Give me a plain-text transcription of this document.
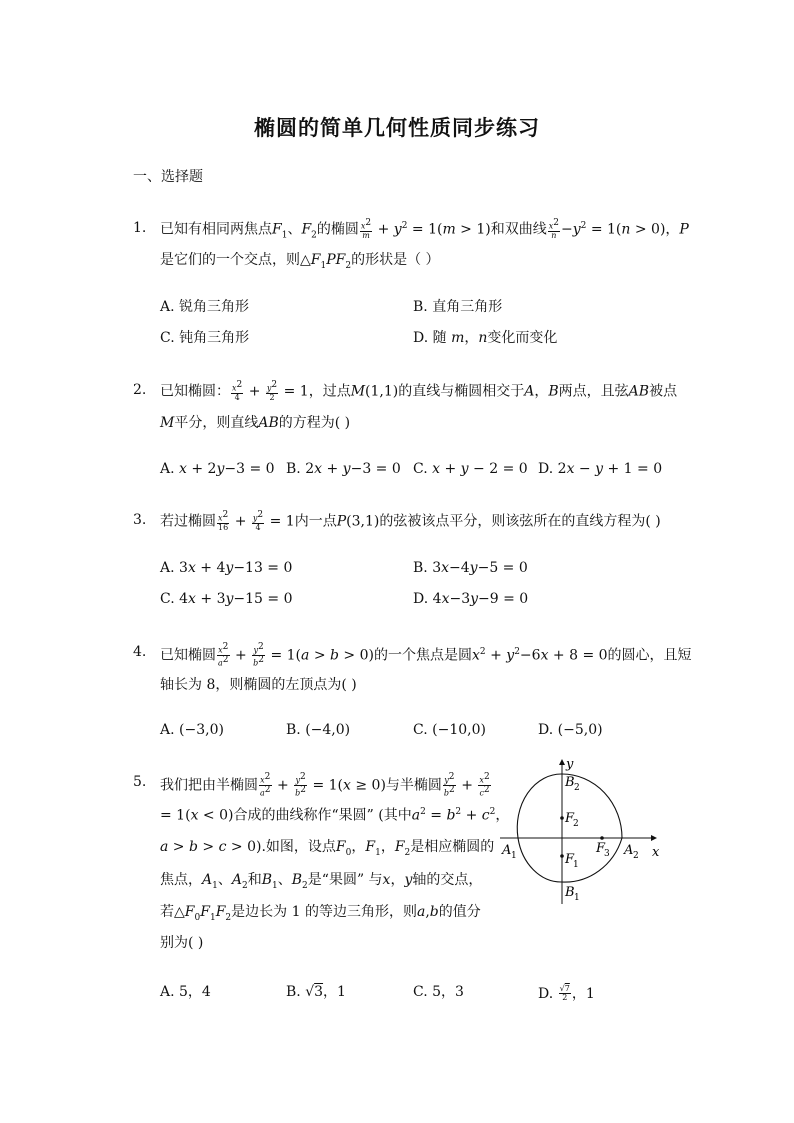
椭圆的简单几何性质同步练习
一、选择题
1. 已知有相同两焦点$F_1$、$F_2$的椭圆 $\frac{x^2}{m} + y^2 = 1(m > 1)$和双曲线 $\frac{x^2}{n} -y^2 = 1(n > 0)$，P
是它们的一个交点，则$\triangle F_1PF_2$的形状是（ ）
A. 锐角三角形	B. 直角三角形
C. 钝角三角形	D. 随 m，n变化而变化
2. 已知椭圆： $\frac{x^2}{4} + \frac{y^2}{2} = 1$，过点M(1,1)的直线与椭圆相交于A，B两点，且弦AB被点
M平分，则直线AB的方程为( )
A. x + 2y−3 = 0 B. 2x + y−3 = 0 C. x + y − 2 = 0 D. 2x − y + 1 = 0
3. 若过椭圆 $\frac{x^2}{16} + \frac{y^2}{4} = 1$内一点P(3,1)的弦被该点平分，则该弦所在的直线方程为( )
A. 3x + 4y−13 = 0	B. 3x−4y−5 = 0
C. 4x + 3y−15 = 0	D. 4x−3y−9 = 0
4. 已知椭圆 $\frac{x^2}{a^2} + \frac{y^2}{b^2} = 1(a > b > 0)$的一个焦点是圆$x^2 + y^2-6x + 8 = 0$的圆心，且短
轴长为 8，则椭圆的左顶点为( )
A. (−3,0)	B. (−4,0)	C. (−10,0)	D. (−5,0)
5. 我们把由半椭圆 $\frac{x^2}{a^2} + \frac{y^2}{b^2} = 1(x \ge 0)$与半椭圆 $\frac{y^2}{b^2} + \frac{x^2}{c^2}$
= 1(x < 0)合成的曲线称作“果圆” (其中$a^2 = b^2 + c^2$，
a > b > c > 0).如图，设点$F_0$，$F_1$，$F_2$是相应椭圆的
焦点，$A_1$、$A_2$和$B_1$、$B_2$是“果圆” 与x，y轴的交点，
若$\triangle F_0F_1F_2$是边长为 1 的等边三角形，则a,b的值分
别为( )
A. 5，4	B. √3，1	C. 5，3	D. $\frac{√7}{2}$ ，1
y
x
B 2
B 1
A 1	A 2
F
2
F
1
F
3
